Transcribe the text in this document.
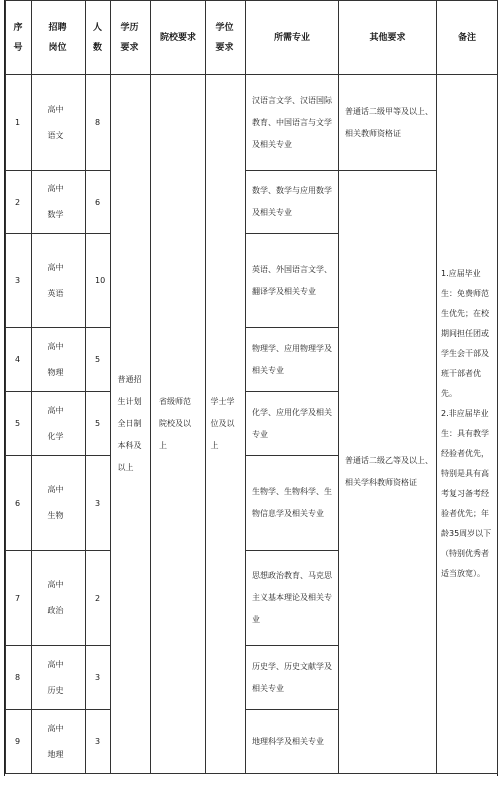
序号	招聘岗位	人数	学历要求	院校要求	学位要求	所需专业	其他要求	备注
1	高中语文	8	普通招生计划全日制本科及以上	省级师范院校及以上	学士学位及以上	汉语言文学、汉语国际教育、中国语言与文学及相关专业	普通话二级甲等及以上、相关教师资格证	1.应届毕业生：免费师范生优先；在校期间担任团或学生会干部及班干部者优先。

2.非应届毕业生：具有教学经验者优先，特别是具有高考复习备考经验者优先；年龄35周岁以下（特别优秀者适当放宽）。

2	高中数学	6				数学、数学与应用数学及相关专业	普通话二级乙等及以上、相关学科教师资格证	
3	高中英语	10				英语、外国语言文学、翻译学及相关专业		
4	高中物理	5				物理学、应用物理学及相关专业		
5	高中化学	5				化学、应用化学及相关专业		
6	高中生物	3				生物学、生物科学、生物信息学及相关专业		
7	高中政治	2				思想政治教育、马克思主义基本理论及相关专业		
8	高中历史	3				历史学、历史文献学及相关专业		
9	高中地理	3				地理科学及相关专业		
